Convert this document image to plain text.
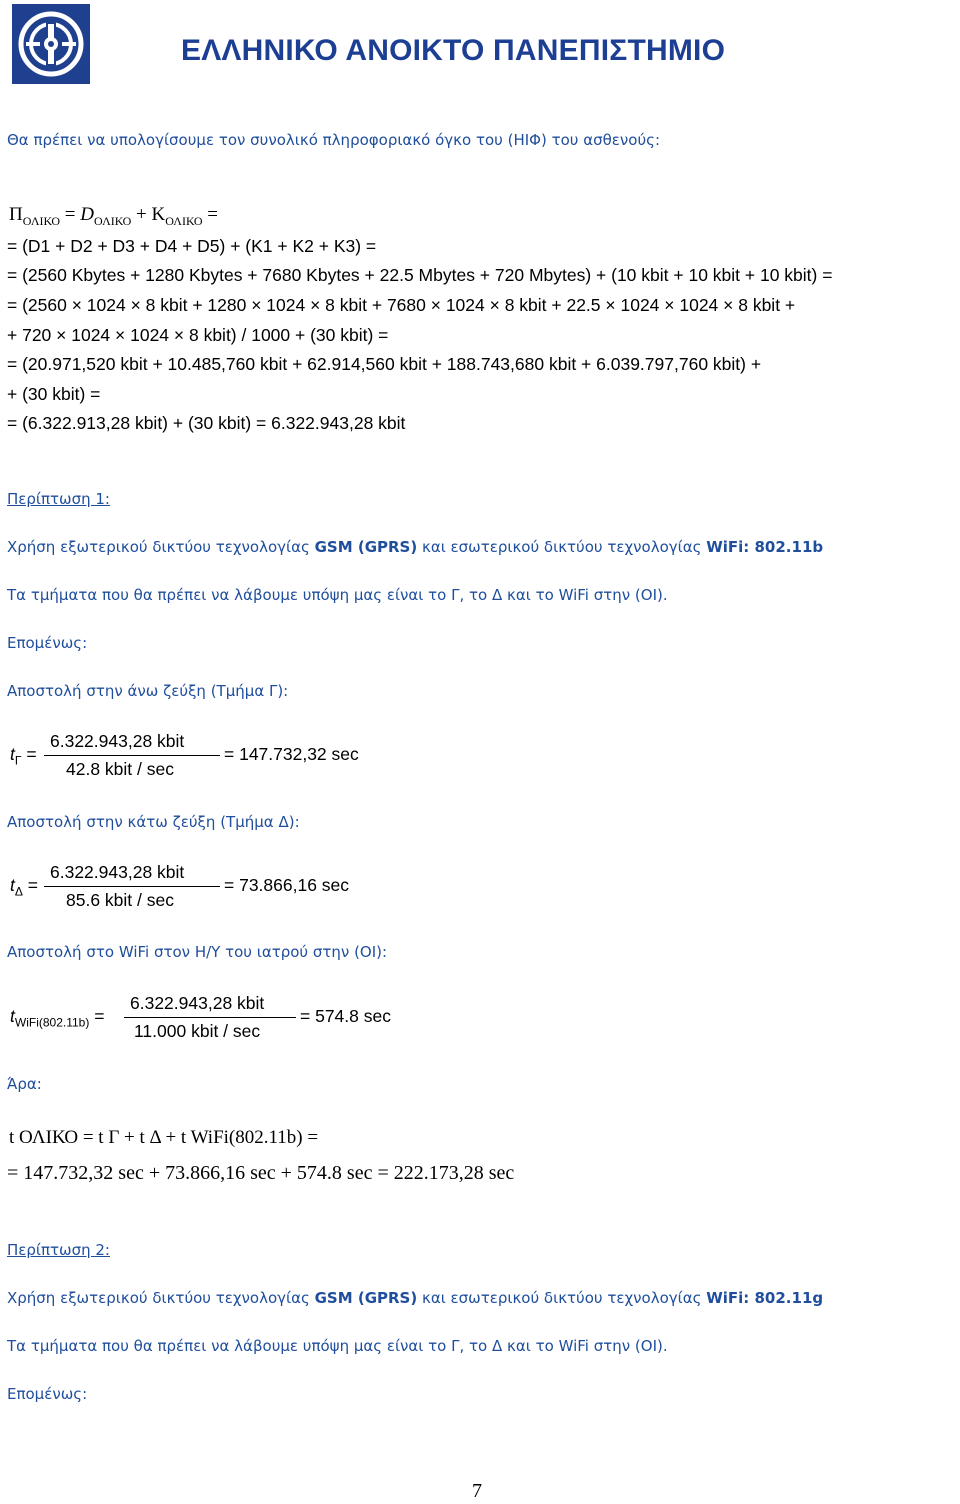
ΕΛΛΗΝΙΚΟ ΑΝΟΙΚΤΟ ΠΑΝΕΠΙΣΤΗΜΙΟ
Θα πρέπει να υπολογίσουμε τον συνολικό πληροφοριακό όγκο του (ΗΙΦ) του ασθενούς:
$\Pi_{O\Lambda IKO} = D_{O\Lambda IKO} + K_{O\Lambda IKO}$ =
= (D1 + D2 + D3 + D4 + D5) + (K1 + K2 + K3) =
= (2560 Kbytes + 1280 Kbytes + 7680 Kbytes + 22.5 Mbytes + 720 Mbytes) + (10 kbit + 10 kbit + 10 kbit) =
= (2560 × 1024 × 8 kbit + 1280 × 1024 × 8 kbit + 7680 × 1024 × 8 kbit + 22.5 × 1024 × 1024 × 8 kbit +
+ 720 × 1024 × 1024 × 8 kbit) / 1000 + (30 kbit) =
= (20.971,520 kbit + 10.485,760 kbit + 62.914,560 kbit + 188.743,680 kbit + 6.039.797,760 kbit) +
+ (30 kbit) =
= (6.322.913,28 kbit) + (30 kbit) = 6.322.943,28 kbit
Περίπτωση 1:
Χρήση εξωτερικού δικτύου τεχνολογίας GSM (GPRS) και εσωτερικού δικτύου τεχνολογίας WiFi: 802.11b
Τα τμήματα που θα πρέπει να λάβουμε υπόψη μας είναι το Γ, το Δ και το WiFi στην (ΟΙ).
Επομένως:
Αποστολή στην άνω ζεύξη (Τμήμα Γ):
$t_\Gamma$ =
6.322.943,28 kbit
42.8 kbit / sec
= 147.732,32 sec
Αποστολή στην κάτω ζεύξη (Τμήμα Δ):
$t_\Delta$ =
6.322.943,28 kbit
85.6 kbit / sec
= 73.866,16 sec
Αποστολή στο WiFi στον Η/Υ του ιατρού στην (ΟΙ):
$t_{WiFi(802.11b)}$ =
6.322.943,28 kbit
11.000 kbit / sec
= 574.8 sec
Άρα:
t ΟΛΙΚΟ = t Γ + t Δ + t WiFi(802.11b) =
= 147.732,32 sec + 73.866,16 sec + 574.8 sec = 222.173,28 sec
Περίπτωση 2:
Χρήση εξωτερικού δικτύου τεχνολογίας GSM (GPRS) και εσωτερικού δικτύου τεχνολογίας WiFi: 802.11g
Τα τμήματα που θα πρέπει να λάβουμε υπόψη μας είναι το Γ, το Δ και το WiFi στην (ΟΙ).
Επομένως:
7
